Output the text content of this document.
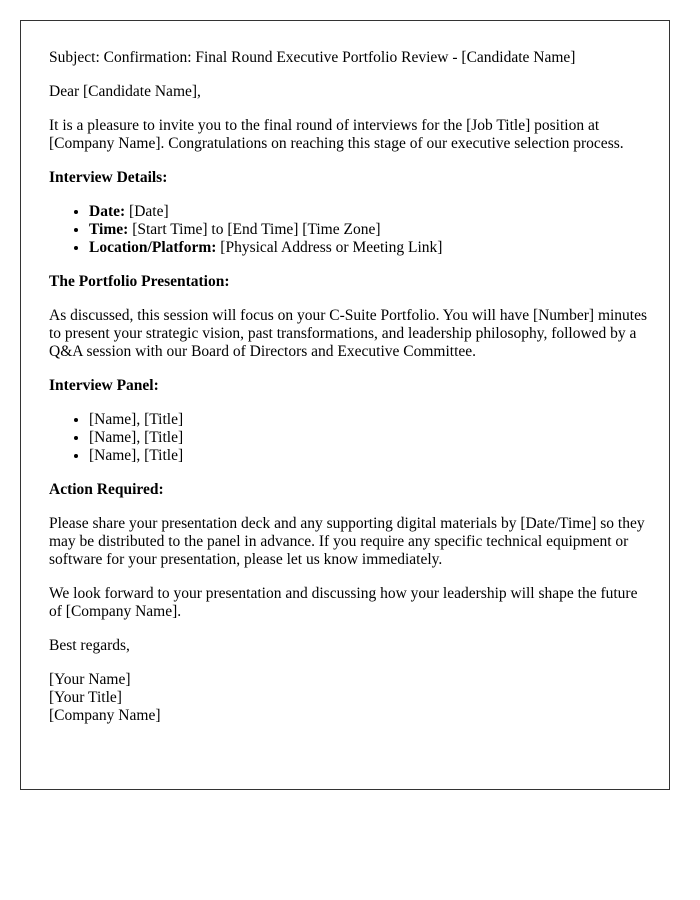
Subject: Confirmation: Final Round Executive Portfolio Review - [Candidate Name]

Dear [Candidate Name],

It is a pleasure to invite you to the final round of interviews for the [Job Title] position at [Company Name]. Congratulations on reaching this stage of our executive selection process.

Interview Details:

• Date: [Date]
• Time: [Start Time] to [End Time] [Time Zone]
• Location/Platform: [Physical Address or Meeting Link]

The Portfolio Presentation:

As discussed, this session will focus on your C-Suite Portfolio. You will have [Number] minutes to present your strategic vision, past transformations, and leadership philosophy, followed by a Q&A session with our Board of Directors and Executive Committee.

Interview Panel:

• [Name], [Title]
• [Name], [Title]
• [Name], [Title]

Action Required:

Please share your presentation deck and any supporting digital materials by [Date/Time] so they may be distributed to the panel in advance. If you require any specific technical equipment or software for your presentation, please let us know immediately.

We look forward to your presentation and discussing how your leadership will shape the future of [Company Name].

Best regards,

[Your Name]
[Your Title]
[Company Name]
